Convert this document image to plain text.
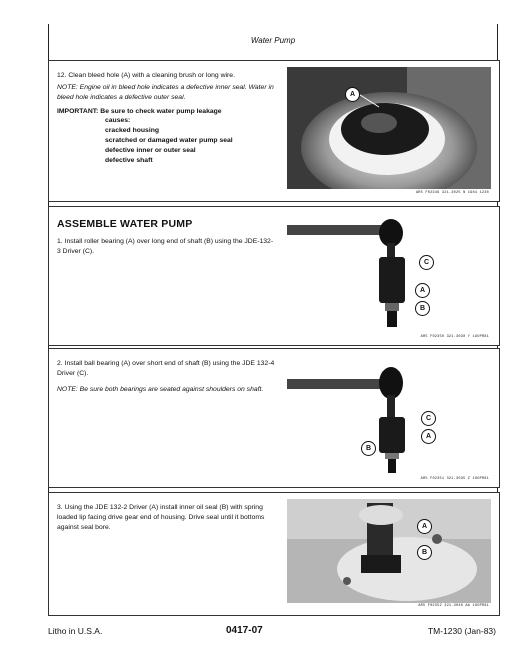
Water Pump
12. Clean bleed hole (A) with a cleaning brush or long wire.
NOTE: Engine oil in bleed hole indicates a defective inner seal. Water in bleed hole indicates a defective outer seal.
IMPORTANT: Be sure to check water pump leakage
causes:
cracked housing
scratched or damaged water pump seal
defective inner or outer seal
defective shaft
A
AR5 F02349 321.3025 N 1984 1230
ASSEMBLE WATER PUMP
1. Install roller bearing (A) over long end of shaft (B) using the JDE-132-3 Driver (C).
C
A
B
AR5 F02350 321.3030 Y 19OPR81
2. Install ball bearing (A) over short end of shaft (B) using the JDE 132-4 Driver (C).
NOTE: Be sure both bearings are seated against shoulders on shaft.
C
A
B
AR5 F02351 321.3035 Z 19OPR81
3. Using the JDE 132-2 Driver (A) install inner oil seal (B) with spring loaded lip facing drive gear end of housing. Drive seal until it bottoms against seal bore.	A
B
AR5 F02352 321.3040 AA 19OPR81
Litho in U.S.A.	0417-07	TM-1230 (Jan-83)
